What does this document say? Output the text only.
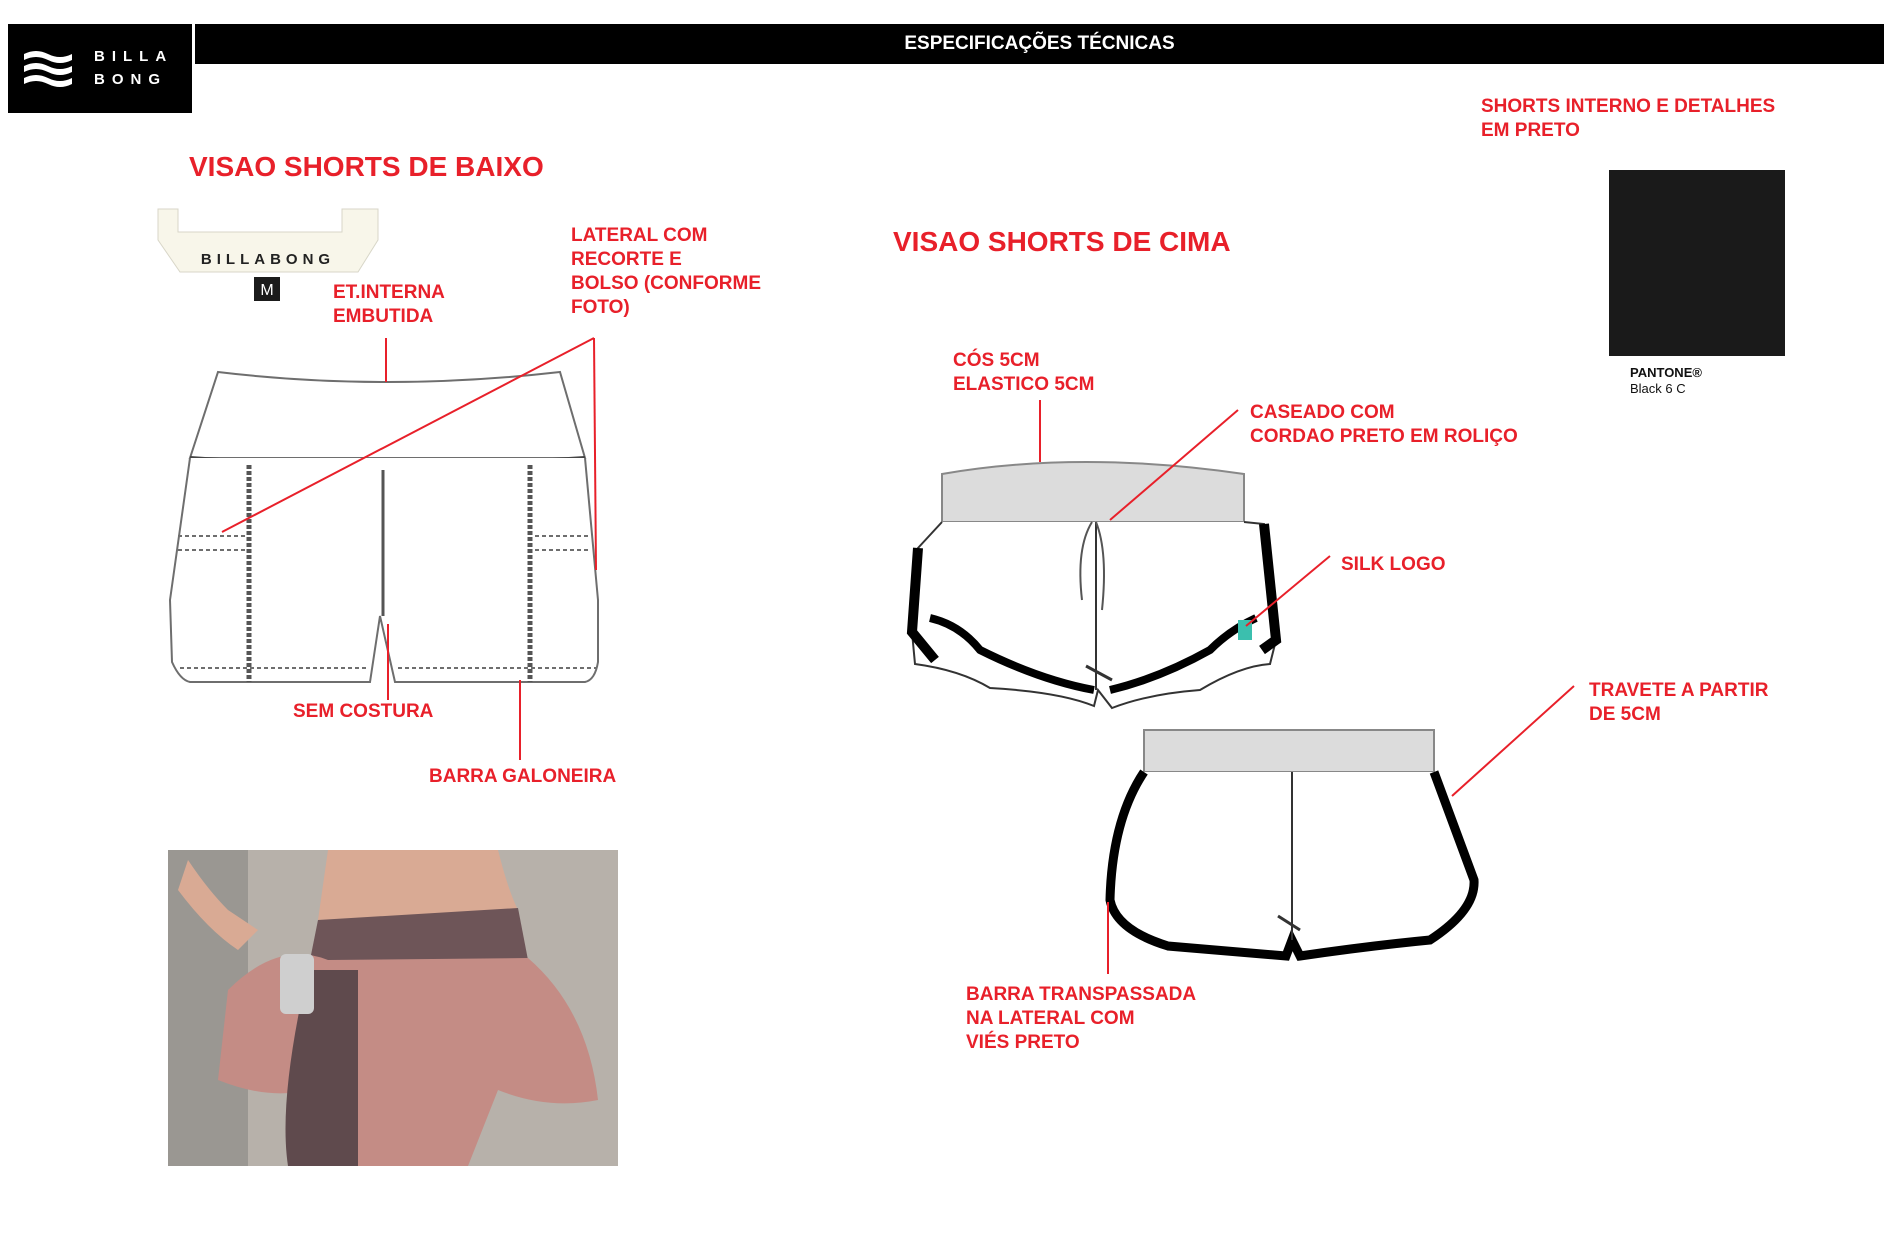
BILLA
BONG
ESPECIFICAÇÕES TÉCNICAS
VISAO SHORTS DE BAIXO
VISAO SHORTS DE CIMA
BILLABONG
M	ET.INTERNA
EMBUTIDA
LATERAL COM
RECORTE E
BOLSO (CONFORME
FOTO)
SEM COSTURA
BARRA GALONEIRA
CÓS 5CM
ELASTICO 5CM
CASEADO COM
CORDAO PRETO EM ROLIÇO
SILK LOGO
TRAVETE A PARTIR
DE 5CM
BARRA TRANSPASSADA
NA LATERAL COM
VIÉS PRETO
SHORTS INTERNO E DETALHES
EM PRETO
PANTONE®
Black 6 C
